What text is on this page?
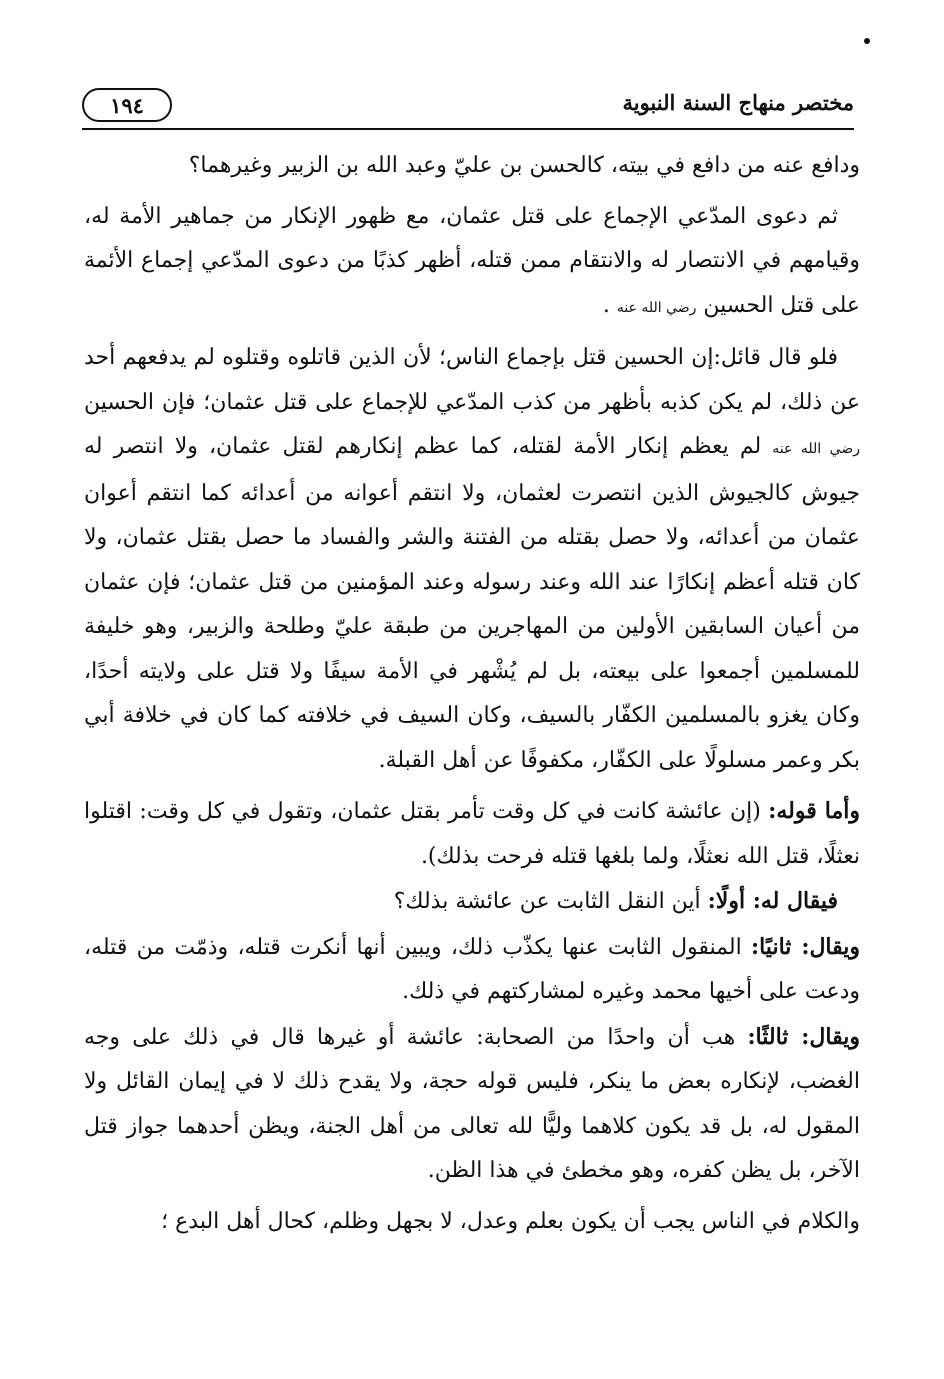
مختصر منهاج السنة النبوية
١٩٤

ودافع عنه من دافع في بيته، كالحسن بن عليّ وعبد الله بن الزبير وغيرهما؟

ثم دعوى المدّعي الإجماع على قتل عثمان، مع ظهور الإنكار من جماهير الأمة له، وقيامهم في الانتصار له والانتقام ممن قتله، أظهر كذبًا من دعوى المدّعي إجماع الأئمة على قتل الحسين رضي الله عنه .

فلو قال قائل:إن الحسين قتل بإجماع الناس؛ لأن الذين قاتلوه وقتلوه لم يدفعهم أحد عن ذلك، لم يكن كذبه بأظهر من كذب المدّعي للإجماع على قتل عثمان؛ فإن الحسين رضي الله عنه لم يعظم إنكار الأمة لقتله، كما عظم إنكارهم لقتل عثمان، ولا انتصر له جيوش كالجيوش الذين انتصرت لعثمان، ولا انتقم أعوانه من أعدائه كما انتقم أعوان عثمان من أعدائه، ولا حصل بقتله من الفتنة والشر والفساد ما حصل بقتل عثمان، ولا كان قتله أعظم إنكارًا عند الله وعند رسوله وعند المؤمنين من قتل عثمان؛ فإن عثمان من أعيان السابقين الأولين من المهاجرين من طبقة عليّ وطلحة والزبير، وهو خليفة للمسلمين أجمعوا على بيعته، بل لم يُشْهر في الأمة سيفًا ولا قتل على ولايته أحدًا، وكان يغزو بالمسلمين الكفّار بالسيف، وكان السيف في خلافته كما كان في خلافة أبي بكر وعمر مسلولًا على الكفّار، مكفوفًا عن أهل القبلة.

وأما قوله: (إن عائشة كانت في كل وقت تأمر بقتل عثمان، وتقول في كل وقت: اقتلوا نعثلًا، قتل الله نعثلًا، ولما بلغها قتله فرحت بذلك).

فيقال له: أولًا: أين النقل الثابت عن عائشة بذلك؟

ويقال: ثانيًا: المنقول الثابت عنها يكذّب ذلك، ويبين أنها أنكرت قتله، وذمّت من قتله، ودعت على أخيها محمد وغيره لمشاركتهم في ذلك.

ويقال: ثالثًا: هب أن واحدًا من الصحابة: عائشة أو غيرها قال في ذلك على وجه الغضب، لإنكاره بعض ما ينكر، فليس قوله حجة، ولا يقدح ذلك لا في إيمان القائل ولا المقول له، بل قد يكون كلاهما وليًّا لله تعالى من أهل الجنة، ويظن أحدهما جواز قتل الآخر، بل يظن كفره، وهو مخطئ في هذا الظن.

والكلام في الناس يجب أن يكون بعلم وعدل، لا بجهل وظلم، كحال أهل البدع ؛
